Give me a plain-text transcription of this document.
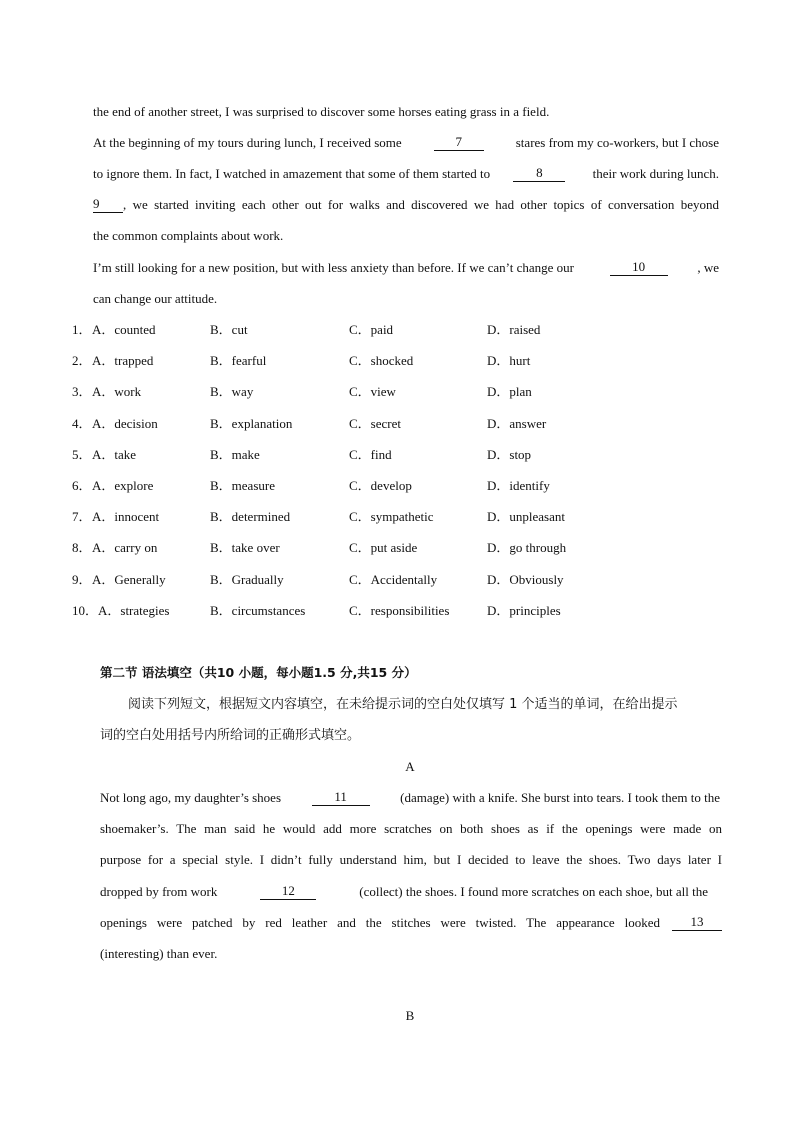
the end of another street, I was surprised to discover some horses eating grass in a field.
At the beginning of my tours during lunch, I received some	7	stares from my co-workers, but I chose
to ignore them. In fact, I watched in amazement that some of them started to	8	their work during lunch.
9	, we started inviting each other out for walks and discovered we had other topics of conversation beyond
the common complaints about work.
I’m still looking for a new position, but with less anxiety than before. If we can’t change our	10	, we
can change our attitude.
1． A．counted	B．cut	C．paid	D．raised
2． A．trapped	B．fearful	C．shocked	D．hurt
3． A．work	B．way	C．view	D．plan
4． A．decision	B．explanation	C．secret	D．answer
5． A．take	B．make	C．find	D．stop
6． A．explore	B．measure	C．develop	D．identify
7． A．innocent	B．determined	C．sympathetic	D．unpleasant
8． A．carry on	B．take over	C．put aside	D．go through
9． A．Generally	B．Gradually	C．Accidentally	D．Obviously
10． A．strategies	B．circumstances	C．responsibilities	D．principles
第二节 语法填空（共10 小题，每小题1.5 分,共15 分）
阅读下列短文，根据短文内容填空，在未给提示词的空白处仅填写 1 个适当的单词，在给出提示
词的空白处用括号内所给词的正确形式填空。
A
Not long ago, my daughter’s shoes	11	(damage) with a knife. She burst into tears. I took them to the
shoemaker’s. The man said he would add more scratches on both shoes as if the openings were made on
purpose for a special style. I didn’t fully understand him, but I decided to leave the shoes. Two days later I
dropped by from work	12	(collect) the shoes. I found more scratches on each shoe, but all the
openings were patched by red leather and the stitches were twisted. The appearance looked	13
(interesting) than ever.
B
